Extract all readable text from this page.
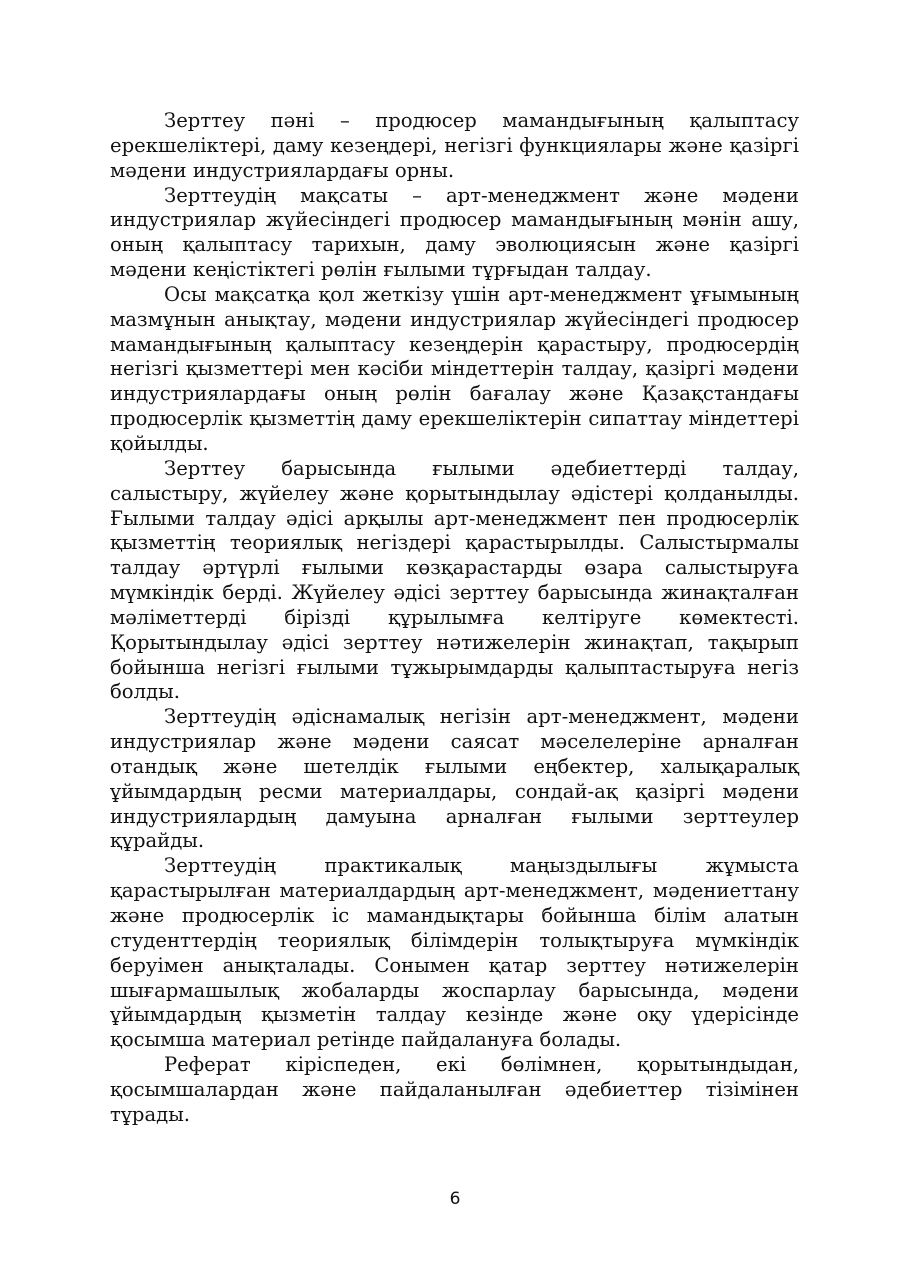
Зерттеу пәні – продюсер мамандығының қалыптасу ерекшеліктері, даму кезеңдері, негізгі функциялары және қазіргі мәдени индустриялардағы орны.

Зерттеудің мақсаты – арт-менеджмент және мәдени индустриялар жүйесіндегі продюсер мамандығының мәнін ашу, оның қалыптасу тарихын, даму эволюциясын және қазіргі мәдени кеңістіктегі рөлін ғылыми тұрғыдан талдау.

Осы мақсатқа қол жеткізу үшін арт-менеджмент ұғымының мазмұнын анықтау, мәдени индустриялар жүйесіндегі продюсер мамандығының қалыптасу кезеңдерін қарастыру, продюсердің негізгі қызметтері мен кәсіби міндеттерін талдау, қазіргі мәдени индустриялардағы оның рөлін бағалау және Қазақстандағы продюсерлік қызметтің даму ерекшеліктерін сипаттау міндеттері қойылды.

Зерттеу барысында ғылыми әдебиеттерді талдау, салыстыру, жүйелеу және қорытындылау әдістері қолданылды. Ғылыми талдау әдісі арқылы арт-менеджмент пен продюсерлік қызметтің теориялық негіздері қарастырылды. Салыстырмалы талдау әртүрлі ғылыми көзқарастарды өзара салыстыруға мүмкіндік берді. Жүйелеу әдісі зерттеу барысында жинақталған мәліметтерді біріздi құрылымға келтіруге көмектесті. Қорытындылау әдісі зерттеу нәтижелерін жинақтап, тақырып бойынша негізгі ғылыми тұжырымдарды қалыптастыруға негіз болды.

Зерттеудің әдіснамалық негізін арт-менеджмент, мәдени индустриялар және мәдени саясат мәселелеріне арналған отандық және шетелдік ғылыми еңбектер, халықаралық ұйымдардың ресми материалдары, сондай-ақ қазіргі мәдени индустриялардың дамуына арналған ғылыми зерттеулер құрайды.

Зерттеудің практикалық маңыздылығы жұмыста қарастырылған материалдардың арт-менеджмент, мәдениеттану және продюсерлік іс мамандықтары бойынша білім алатын студенттердің теориялық білімдерін толықтыруға мүмкіндік беруімен анықталады. Сонымен қатар зерттеу нәтижелерін шығармашылық жобаларды жоспарлау барысында, мәдени ұйымдардың қызметін талдау кезінде және оқу үдерісінде қосымша материал ретінде пайдалануға болады.

Реферат кіріспеден, екі бөлімнен, қорытындыдан, қосымшалардан және пайдаланылған әдебиеттер тізімінен тұрады.

6
